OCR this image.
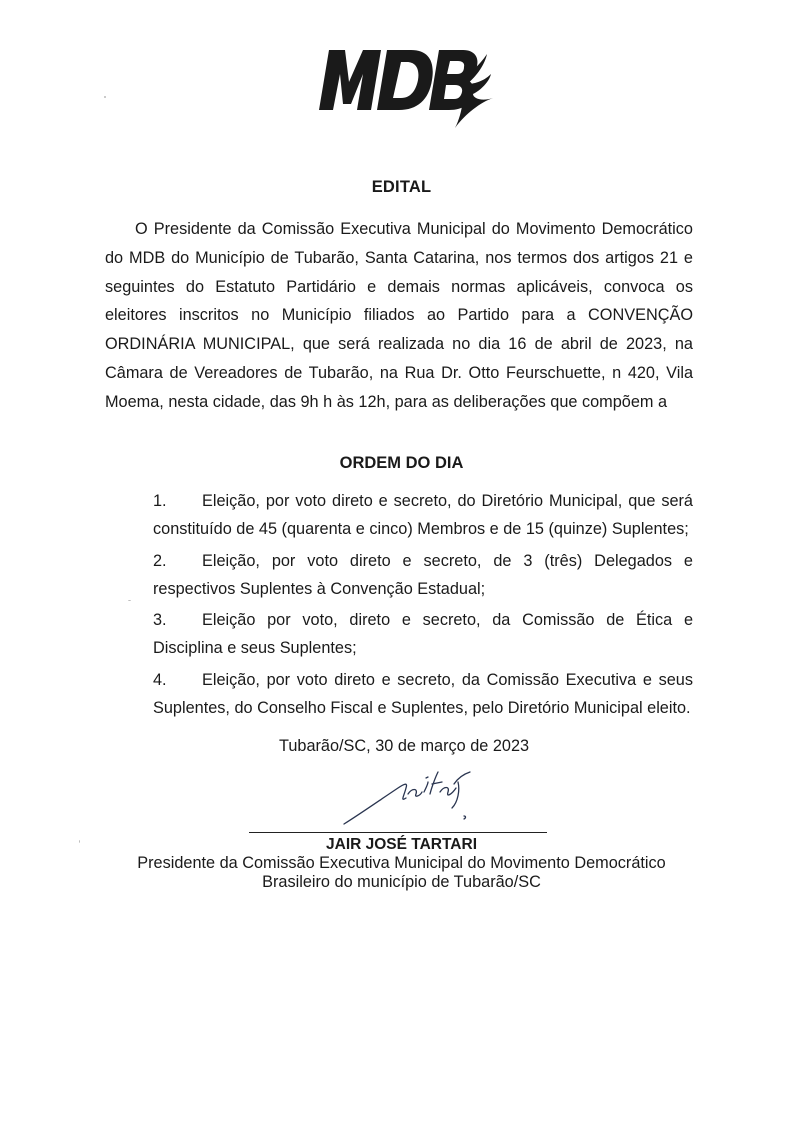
EDITAL
O Presidente da Comissão Executiva Municipal do Movimento Democrático do MDB do Município de Tubarão, Santa Catarina, nos termos dos artigos 21 e seguintes do Estatuto Partidário e demais normas aplicáveis, convoca os eleitores inscritos no Município filiados ao Partido para a CONVENÇÃO ORDINÁRIA MUNICIPAL, que será realizada no dia 16 de abril de 2023, na Câmara de Vereadores de Tubarão, na Rua Dr. Otto Feurschuette, n 420, Vila Moema, nesta cidade, das 9h h às 12h, para as deliberações que compõem a
ORDEM DO DIA
1. Eleição, por voto direto e secreto, do Diretório Municipal, que será constituído de 45 (quarenta e cinco) Membros e de 15 (quinze) Suplentes;
2. Eleição, por voto direto e secreto, de 3 (três) Delegados e respectivos Suplentes à Convenção Estadual;
3. Eleição por voto, direto e secreto, da Comissão de Ética e Disciplina e seus Suplentes;
4. Eleição, por voto direto e secreto, da Comissão Executiva e seus Suplentes, do Conselho Fiscal e Suplentes, pelo Diretório Municipal eleito.
Tubarão/SC, 30 de março de 2023
JAIR JOSÉ TARTARI
Presidente da Comissão Executiva Municipal do Movimento Democrático
Brasileiro do município de Tubarão/SC
